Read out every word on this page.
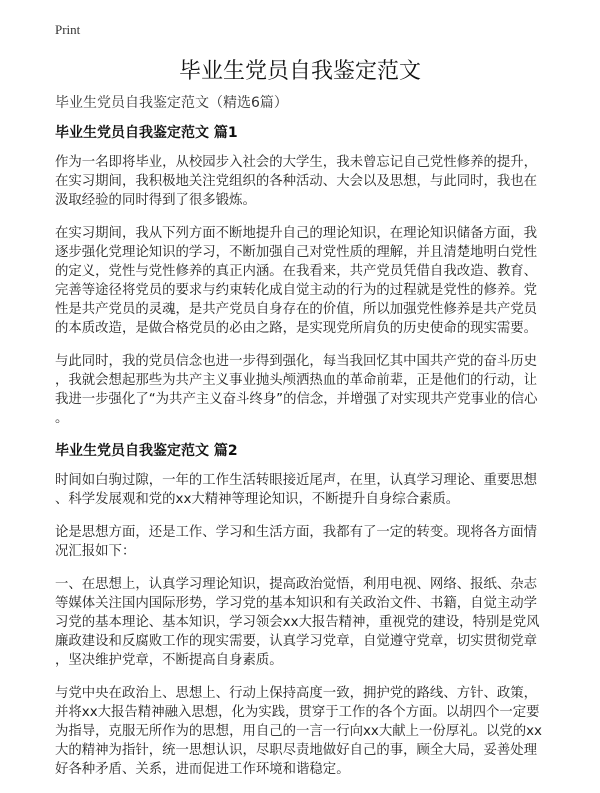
Print
毕业生党员自我鉴定范文
毕业生党员自我鉴定范文（精选6篇）
毕业生党员自我鉴定范文 篇1
作为一名即将毕业，从校园步入社会的大学生，我未曾忘记自己党性修养的提升，
在实习期间，我积极地关注党组织的各种活动、大会以及思想，与此同时，我也在
汲取经验的同时得到了很多锻炼。
在实习期间，我从下列方面不断地提升自己的理论知识，在理论知识储备方面，我
逐步强化党理论知识的学习，不断加强自己对党性质的理解，并且清楚地明白党性
的定义，党性与党性修养的真正内涵。在我看来，共产党员凭借自我改造、教育、
完善等途径将党员的要求与约束转化成自觉主动的行为的过程就是党性的修养。党
性是共产党员的灵魂，是共产党员自身存在的价值，所以加强党性修养是共产党员
的本质改造，是做合格党员的必由之路，是实现党所肩负的历史使命的现实需要。
与此同时，我的党员信念也进一步得到强化，每当我回忆其中国共产党的奋斗历史
，我就会想起那些为共产主义事业抛头颅洒热血的革命前辈，正是他们的行动，让
我进一步强化了“为共产主义奋斗终身”的信念，并增强了对实现共产党事业的信心
。
毕业生党员自我鉴定范文 篇2
时间如白驹过隙，一年的工作生活转眼接近尾声，在里，认真学习理论、重要思想
、科学发展观和党的xx大精神等理论知识，不断提升自身综合素质。
论是思想方面，还是工作、学习和生活方面，我都有了一定的转变。现将各方面情
况汇报如下：
一、在思想上，认真学习理论知识，提高政治觉悟，利用电视、网络、报纸、杂志
等媒体关注国内国际形势，学习党的基本知识和有关政治文件、书籍，自觉主动学
习党的基本理论、基本知识，学习领会xx大报告精神，重视党的建设，特别是党风
廉政建设和反腐败工作的现实需要，认真学习党章，自觉遵守党章，切实贯彻党章
，坚决维护党章，不断提高自身素质。
与党中央在政治上、思想上、行动上保持高度一致，拥护党的路线、方针、政策，
并将xx大报告精神融入思想，化为实践，贯穿于工作的各个方面。以胡四个一定要
为指导，克服无所作为的思想，用自己的一言一行向xx大献上一份厚礼。以党的xx
大的精神为指针，统一思想认识，尽职尽责地做好自己的事，顾全大局，妥善处理
好各种矛盾、关系，进而促进工作环境和谐稳定。
